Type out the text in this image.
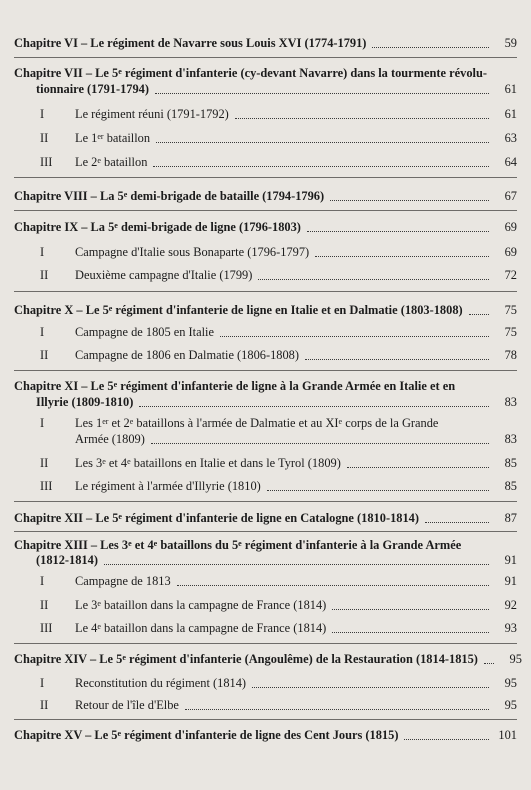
Chapitre VI – Le régiment de Navarre sous Louis XVI (1774-1791)	59
Chapitre VII – Le 5e régiment d'infanterie (cy-devant Navarre) dans la tourmente révolu-
tionnaire (1791-1794)	61
I	Le régiment réuni (1791-1792)	61
II	Le 1er bataillon	63
III	Le 2e bataillon	64
Chapitre VIII – La 5e demi-brigade de bataille (1794-1796)	67
Chapitre IX – La 5e demi-brigade de ligne (1796-1803)	69
I	Campagne d'Italie sous Bonaparte (1796-1797)	69
II	Deuxième campagne d'Italie (1799)	72
Chapitre X – Le 5e régiment d'infanterie de ligne en Italie et en Dalmatie (1803-1808)	75
I	Campagne de 1805 en Italie	75
II	Campagne de 1806 en Dalmatie (1806-1808)	78
Chapitre XI – Le 5e régiment d'infanterie de ligne à la Grande Armée en Italie et en
Illyrie (1809-1810)	83
I	Les 1er et 2e bataillons à l'armée de Dalmatie et au XIe corps de la Grande
Armée (1809)	83
II	Les 3e et 4e bataillons en Italie et dans le Tyrol (1809)	85
III	Le régiment à l'armée d'Illyrie (1810)	85
Chapitre XII – Le 5e régiment d'infanterie de ligne en Catalogne (1810-1814)	87
Chapitre XIII – Les 3e et 4e bataillons du 5e régiment d'infanterie à la Grande Armée
(1812-1814)	91
I	Campagne de 1813	91
II	Le 3e bataillon dans la campagne de France (1814)	92
III	Le 4e bataillon dans la campagne de France (1814)	93
Chapitre XIV – Le 5e régiment d'infanterie (Angoulême) de la Restauration (1814-1815)	95
I	Reconstitution du régiment (1814)	95
II	Retour de l'île d'Elbe	95
Chapitre XV – Le 5e régiment d'infanterie de ligne des Cent Jours (1815)	101
